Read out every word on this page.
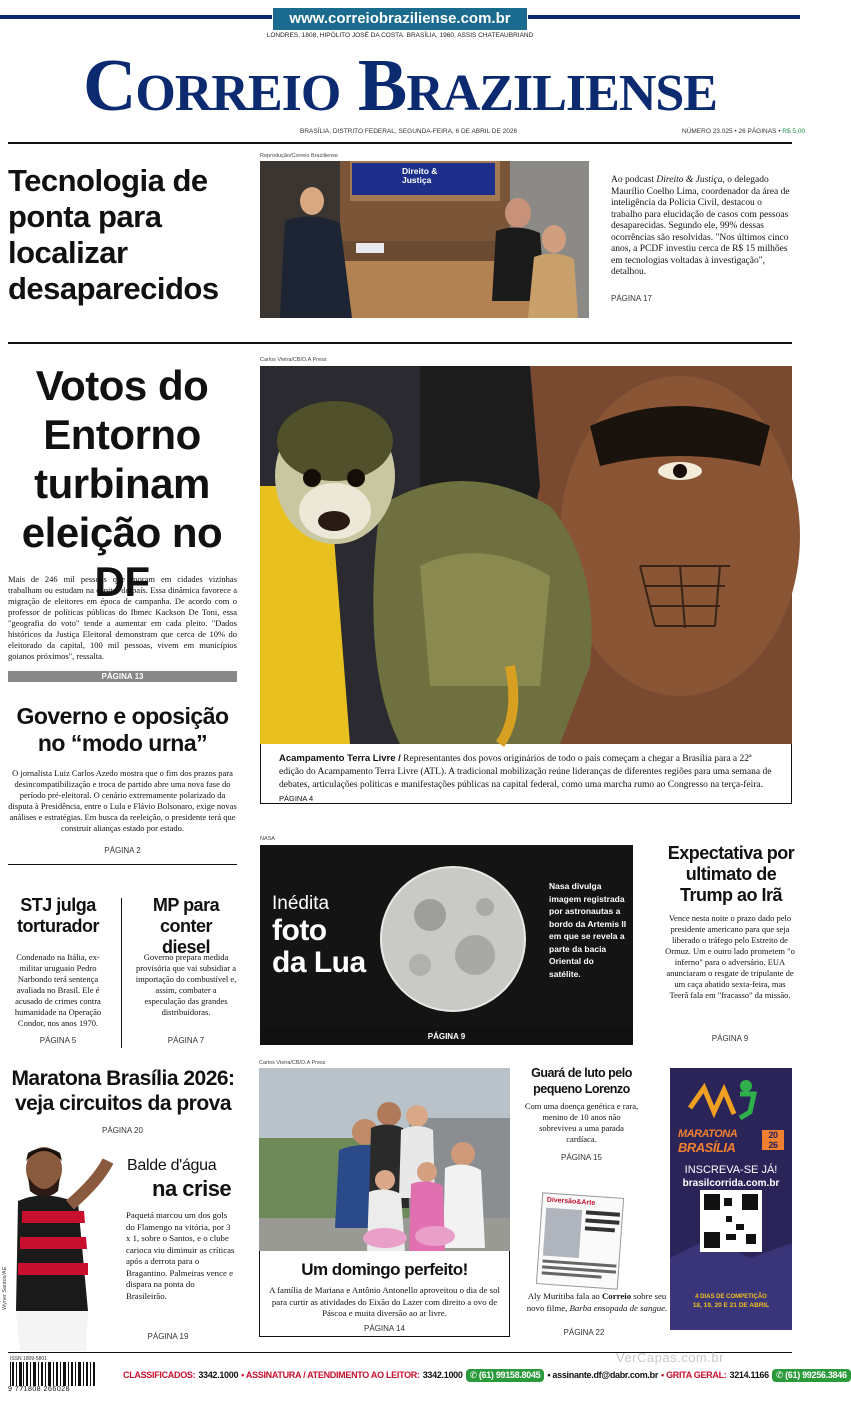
www.correiobraziliense.com.br
LONDRES, 1808, HIPÓLITO JOSÉ DA COSTA. BRASÍLIA, 1960, ASSIS CHATEAUBRIAND
Correio Braziliense
BRASÍLIA, DISTRITO FEDERAL, SEGUNDA-FEIRA, 6 DE ABRIL DE 2026	NÚMERO 23.025 • 26 PÁGINAS • R$ 5,00
Tecnologia de ponta para localizar desaparecidos
Reprodução/Correio Braziliense
Direito & Justiça	Ao podcast Direito & Justiça, o delegado Maurílio Coelho Lima, coordenador da área de inteligência da Polícia Civil, destacou o trabalho para elucidação de casos com pessoas desaparecidas. Segundo ele, 99% dessas ocorrências são resolvidas. "Nos últimos cinco anos, a PCDF investiu cerca de R$ 15 milhões em tecnologias voltadas à investigação", detalhou.
PÁGINA 17
Votos do Entorno turbinam eleição no DF
Mais de 246 mil pessoas que moram em cidades vizinhas trabalham ou estudam na capital do país. Essa dinâmica favorece a migração de eleitores em época de campanha. De acordo com o professor de políticas públicas do Ibmec Kackson De Toni, essa "geografia do voto" tende a aumentar em cada pleito. "Dados históricos da Justiça Eleitoral demonstram que cerca de 10% do eleitorado da capital, 100 mil pessoas, vivem em municípios goianos próximos", ressalta.
PÁGINA 13
Carlos Vieira/CB/D.A Press
Acampamento Terra Livre / Representantes dos povos originários de todo o país começam a chegar a Brasília para a 22ª edição do Acampamento Terra Livre (ATL). A tradicional mobilização reúne lideranças de diferentes regiões para uma semana de debates, articulações políticas e manifestações públicas na capital federal, como uma marcha rumo ao Congresso na terça-feira. PÁGINA 4
Governo e oposição no “modo urna”
O jornalista Luiz Carlos Azedo mostra que o fim dos prazos para desincompatibilização e troca de partido abre uma nova fase do período pré-eleitoral. O cenário extremamente polarizado da disputa à Presidência, entre o Lula e Flávio Bolsonaro, exige novas análises e estratégias. Em busca da reeleição, o presidente terá que construir alianças estado por estado.
PÁGINA 2
STJ julga torturador
Condenado na Itália, ex-militar uruguaio Pedro Narbondo terá sentença avaliada no Brasil. Ele é acusado de crimes contra humanidade na Operação Condor, nos anos 1970.
PÁGINA 5
MP para conter diesel
Governo prepara medida provisória que vai subsidiar a importação do combustível e, assim, combater a especulação das grandes distribuidoras.
PÁGINA 7
NASA
Inédita
foto
da Lua
Nasa divulga imagem registrada por astronautas a bordo da Artemis II em que se revela a parte da bacia Oriental do satélite.
PÁGINA 9
Expectativa por ultimato de Trump ao Irã
Vence nesta noite o prazo dado pelo presidente americano para que seja liberado o tráfego pelo Estreito de Ormuz. Um e outro lado prometem "o inferno" para o adversário. EUA anunciaram o resgate de tripulante de um caça abatido sexta-feira, mas Teerã fala em "fracasso" da missão.
PÁGINA 9
Maratona Brasília 2026: veja circuitos da prova
PÁGINA 20
Wyner Santos/AE
Balde d'água
na crise
Paquetá marcou um dos gols do Flamengo na vitória, por 3 x 1, sobre o Santos, e o clube carioca viu diminuir as críticas após a derrota para o Bragantino. Palmeiras vence e dispara na ponta do Brasileirão.
PÁGINA 19
Carlos Vieira/CB/D.A Press
Um domingo perfeito!
A família de Mariana e Antônio Antonello aproveitou o dia de sol para curtir as atividades do Eixão do Lazer com direito a ovo de Páscoa e muita diversão ao ar livre.
PÁGINA 14
Guará de luto pelo pequeno Lorenzo
Com uma doença genética e rara, menino de 10 anos não sobreviveu a uma parada cardíaca.
PÁGINA 15
Diversão&Arte
Aly Muritiba fala ao Correio sobre seu novo filme, Barba ensopada de sangue.
PÁGINA 22
MARATONA
BRASÍLIA
20
26
INSCREVA-SE JÁ!
brasilcorrida.com.br
4 DIAS DE COMPETIÇÃO
18, 19, 20 E 21 DE ABRIL
VerCapas.com.br
ISSN 1809-5801
9 771808 266028
CLASSIFICADOS: 3342.1000 • ASSINATURA / ATENDIMENTO AO LEITOR: 3342.1000 ✆ (61) 99158.8045 • assinante.df@dabr.com.br • GRITA GERAL: 3214.1166 ✆ (61) 99256.3846
